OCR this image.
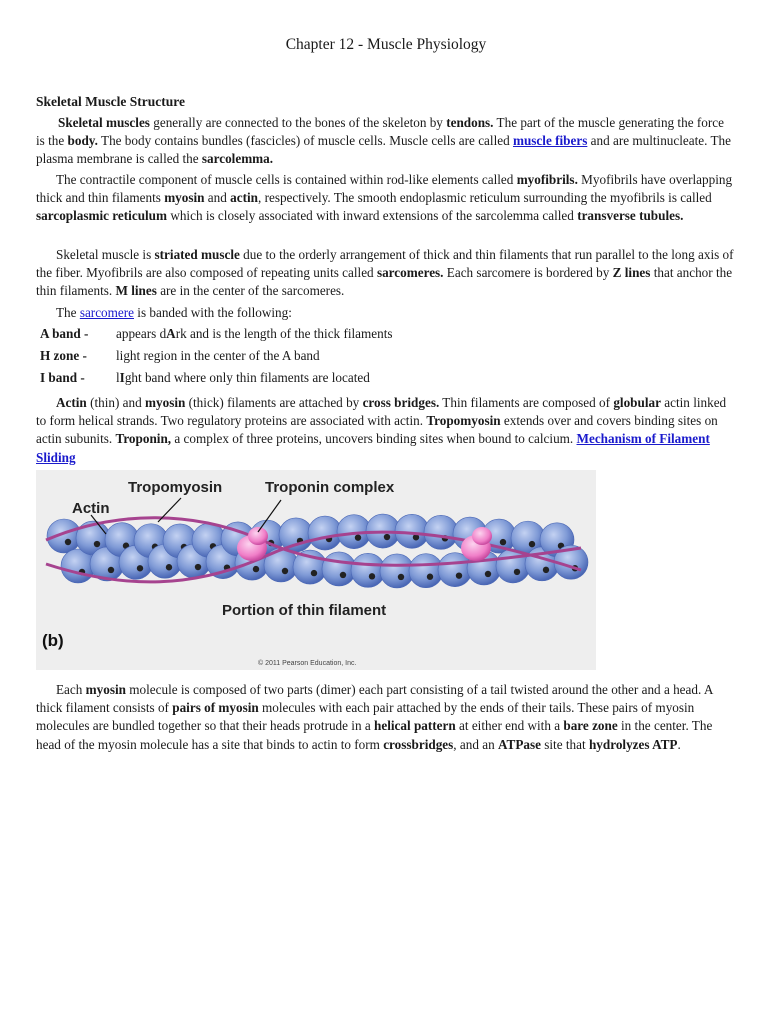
Chapter 12 - Muscle Physiology
Skeletal Muscle Structure

Skeletal muscles generally are connected to the bones of the skeleton by tendons. The part of the muscle generating the force is the body. The body contains bundles (fascicles) of muscle cells. Muscle cells are called muscle fibers and are multinucleate. The plasma membrane is called the sarcolemma.

The contractile component of muscle cells is contained within rod-like elements called myofibrils. Myofibrils have overlapping thick and thin filaments myosin and actin, respectively. The smooth endoplasmic reticulum surrounding the myofibrils is called sarcoplasmic reticulum which is closely associated with inward extensions of the sarcolemma called transverse tubules.

Skeletal muscle is striated muscle due to the orderly arrangement of thick and thin filaments that run parallel to the long axis of the fiber. Myofibrils are also composed of repeating units called sarcomeres. Each sarcomere is bordered by Z lines that anchor the thin filaments. M lines are in the center of the sarcomeres.

The sarcomere is banded with the following:

A band -	appears dArk and is the length of the thick filaments
H zone -	light region in the center of the A band
I band -	lIght band where only thin filaments are located

Actin (thin) and myosin (thick) filaments are attached by cross bridges. Thin filaments are composed of globular actin linked to form helical strands. Two regulatory proteins are associated with actin. Tropomyosin extends over and covers binding sites on actin subunits. Troponin, a complex of three proteins, uncovers binding sites when bound to calcium. Mechanism of Filament Sliding

Actin
Tropomyosin	Troponin complex
Portion of thin filament
(b)
© 2011 Pearson Education, Inc.

Each myosin molecule is composed of two parts (dimer) each part consisting of a tail twisted around the other and a head. A thick filament consists of pairs of myosin molecules with each pair attached by the ends of their tails. These pairs of myosin molecules are bundled together so that their heads protrude in a helical pattern at either end with a bare zone in the center. The head of the myosin molecule has a site that binds to actin to form crossbridges, and an ATPase site that hydrolyzes ATP.
